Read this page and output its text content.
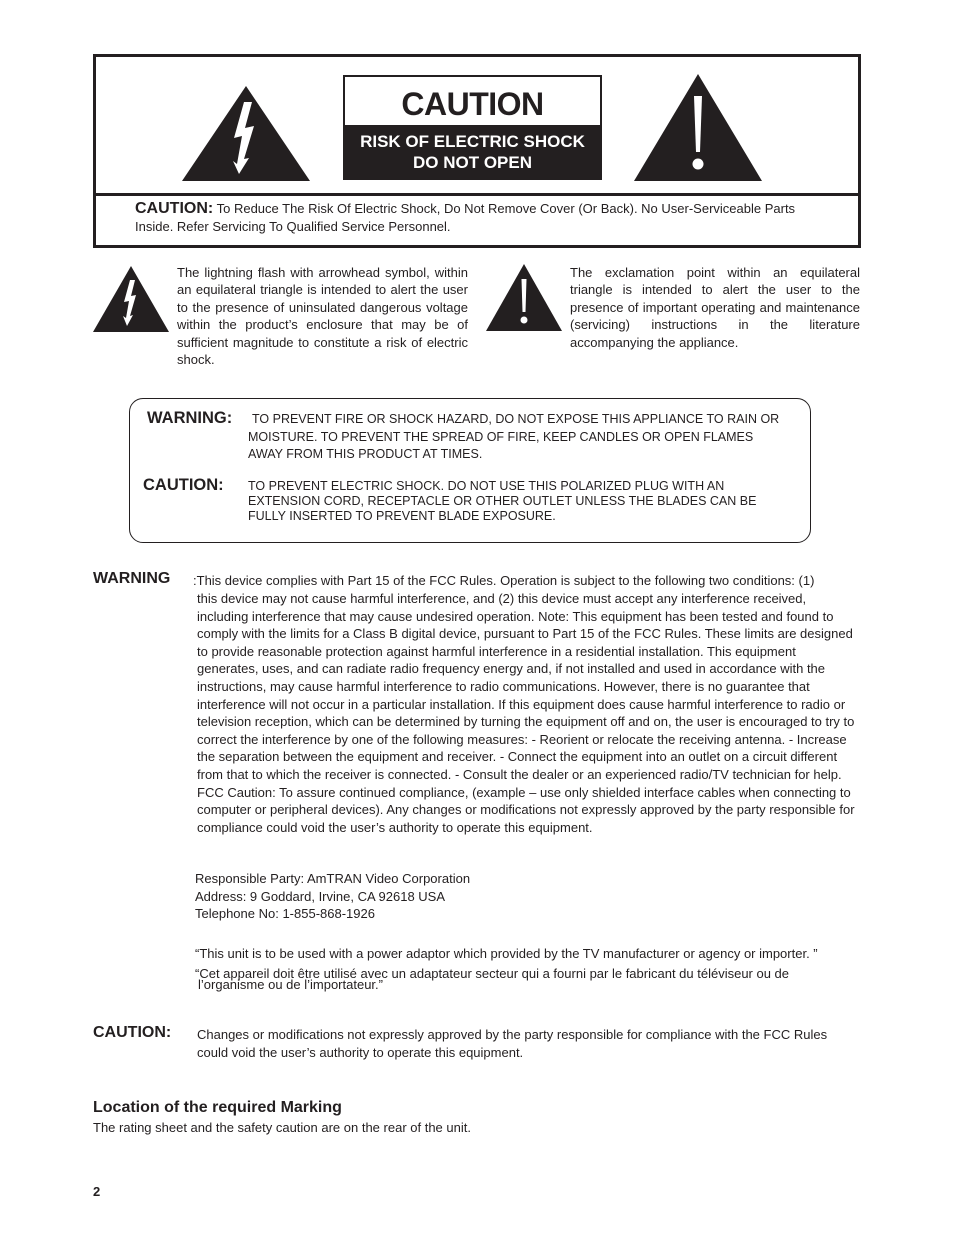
CAUTION
RISK OF ELECTRIC SHOCK
DO NOT OPEN
CAUTION: To Reduce The Risk Of Electric Shock, Do Not Remove Cover (Or Back). No User-Serviceable Parts Inside. Refer Servicing To Qualified Service Personnel.
The lightning flash with arrowhead symbol, within an equilateral triangle is intended to alert the user to the presence of uninsulated dangerous voltage within the product’s enclosure that may be of sufficient magnitude to constitute a risk of electric shock.
The exclamation point within an equilateral triangle is intended to alert the user to the presence of important operating and maintenance (servicing) instructions in the literature accompanying the appliance.
WARNING: TO PREVENT FIRE OR SHOCK HAZARD, DO NOT EXPOSE THIS APPLIANCE TO RAIN OR
MOISTURE. TO PREVENT THE SPREAD OF FIRE, KEEP CANDLES OR OPEN FLAMES
AWAY FROM THIS PRODUCT AT TIMES.
CAUTION: TO PREVENT ELECTRIC SHOCK. DO NOT USE THIS POLARIZED PLUG WITH AN
EXTENSION CORD, RECEPTACLE OR OTHER OUTLET UNLESS THE BLADES CAN BE
FULLY INSERTED TO PREVENT BLADE EXPOSURE.
WARNING :This device complies with Part 15 of the FCC Rules. Operation is subject to the following two conditions: (1)
this device may not cause harmful interference, and (2) this device must accept any interference received, including interference that may cause undesired operation. Note: This equipment has been tested and found to comply with the limits for a Class B digital device, pursuant to Part 15 of the FCC Rules. These limits are designed to provide reasonable protection against harmful interference in a residential installation. This equipment generates, uses, and can radiate radio frequency energy and, if not installed and used in accordance with the instructions, may cause harmful interference to radio communications. However, there is no guarantee that interference will not occur in a particular installation. If this equipment does cause harmful interference to radio or television reception, which can be determined by turning the equipment off and on, the user is encouraged to try to correct the interference by one of the following measures: - Reorient or relocate the receiving antenna. - Increase the separation between the equipment and receiver. - Connect the equipment into an outlet on a circuit different from that to which the receiver is connected. - Consult the dealer or an experienced radio/TV technician for help. FCC Caution: To assure continued compliance, (example – use only shielded interface cables when connecting to computer or peripheral devices). Any changes or modifications not expressly approved by the party responsible for compliance could void the user’s authority to operate this equipment.
Responsible Party: AmTRAN Video Corporation
Address: 9 Goddard, Irvine, CA 92618 USA
Telephone No: 1-855-868-1926
“This unit is to be used with a power adaptor which provided by the TV manufacturer or agency or importer. ”
“Cet appareil doit être utilisé avec un adaptateur secteur qui a fourni par le fabricant du téléviseur ou de
l’organisme ou de l’importateur.”
CAUTION: Changes or modifications not expressly approved by the party responsible for compliance with the FCC Rules
could void the user’s authority to operate this equipment.
Location of the required Marking
The rating sheet and the safety caution are on the rear of the unit.
2
